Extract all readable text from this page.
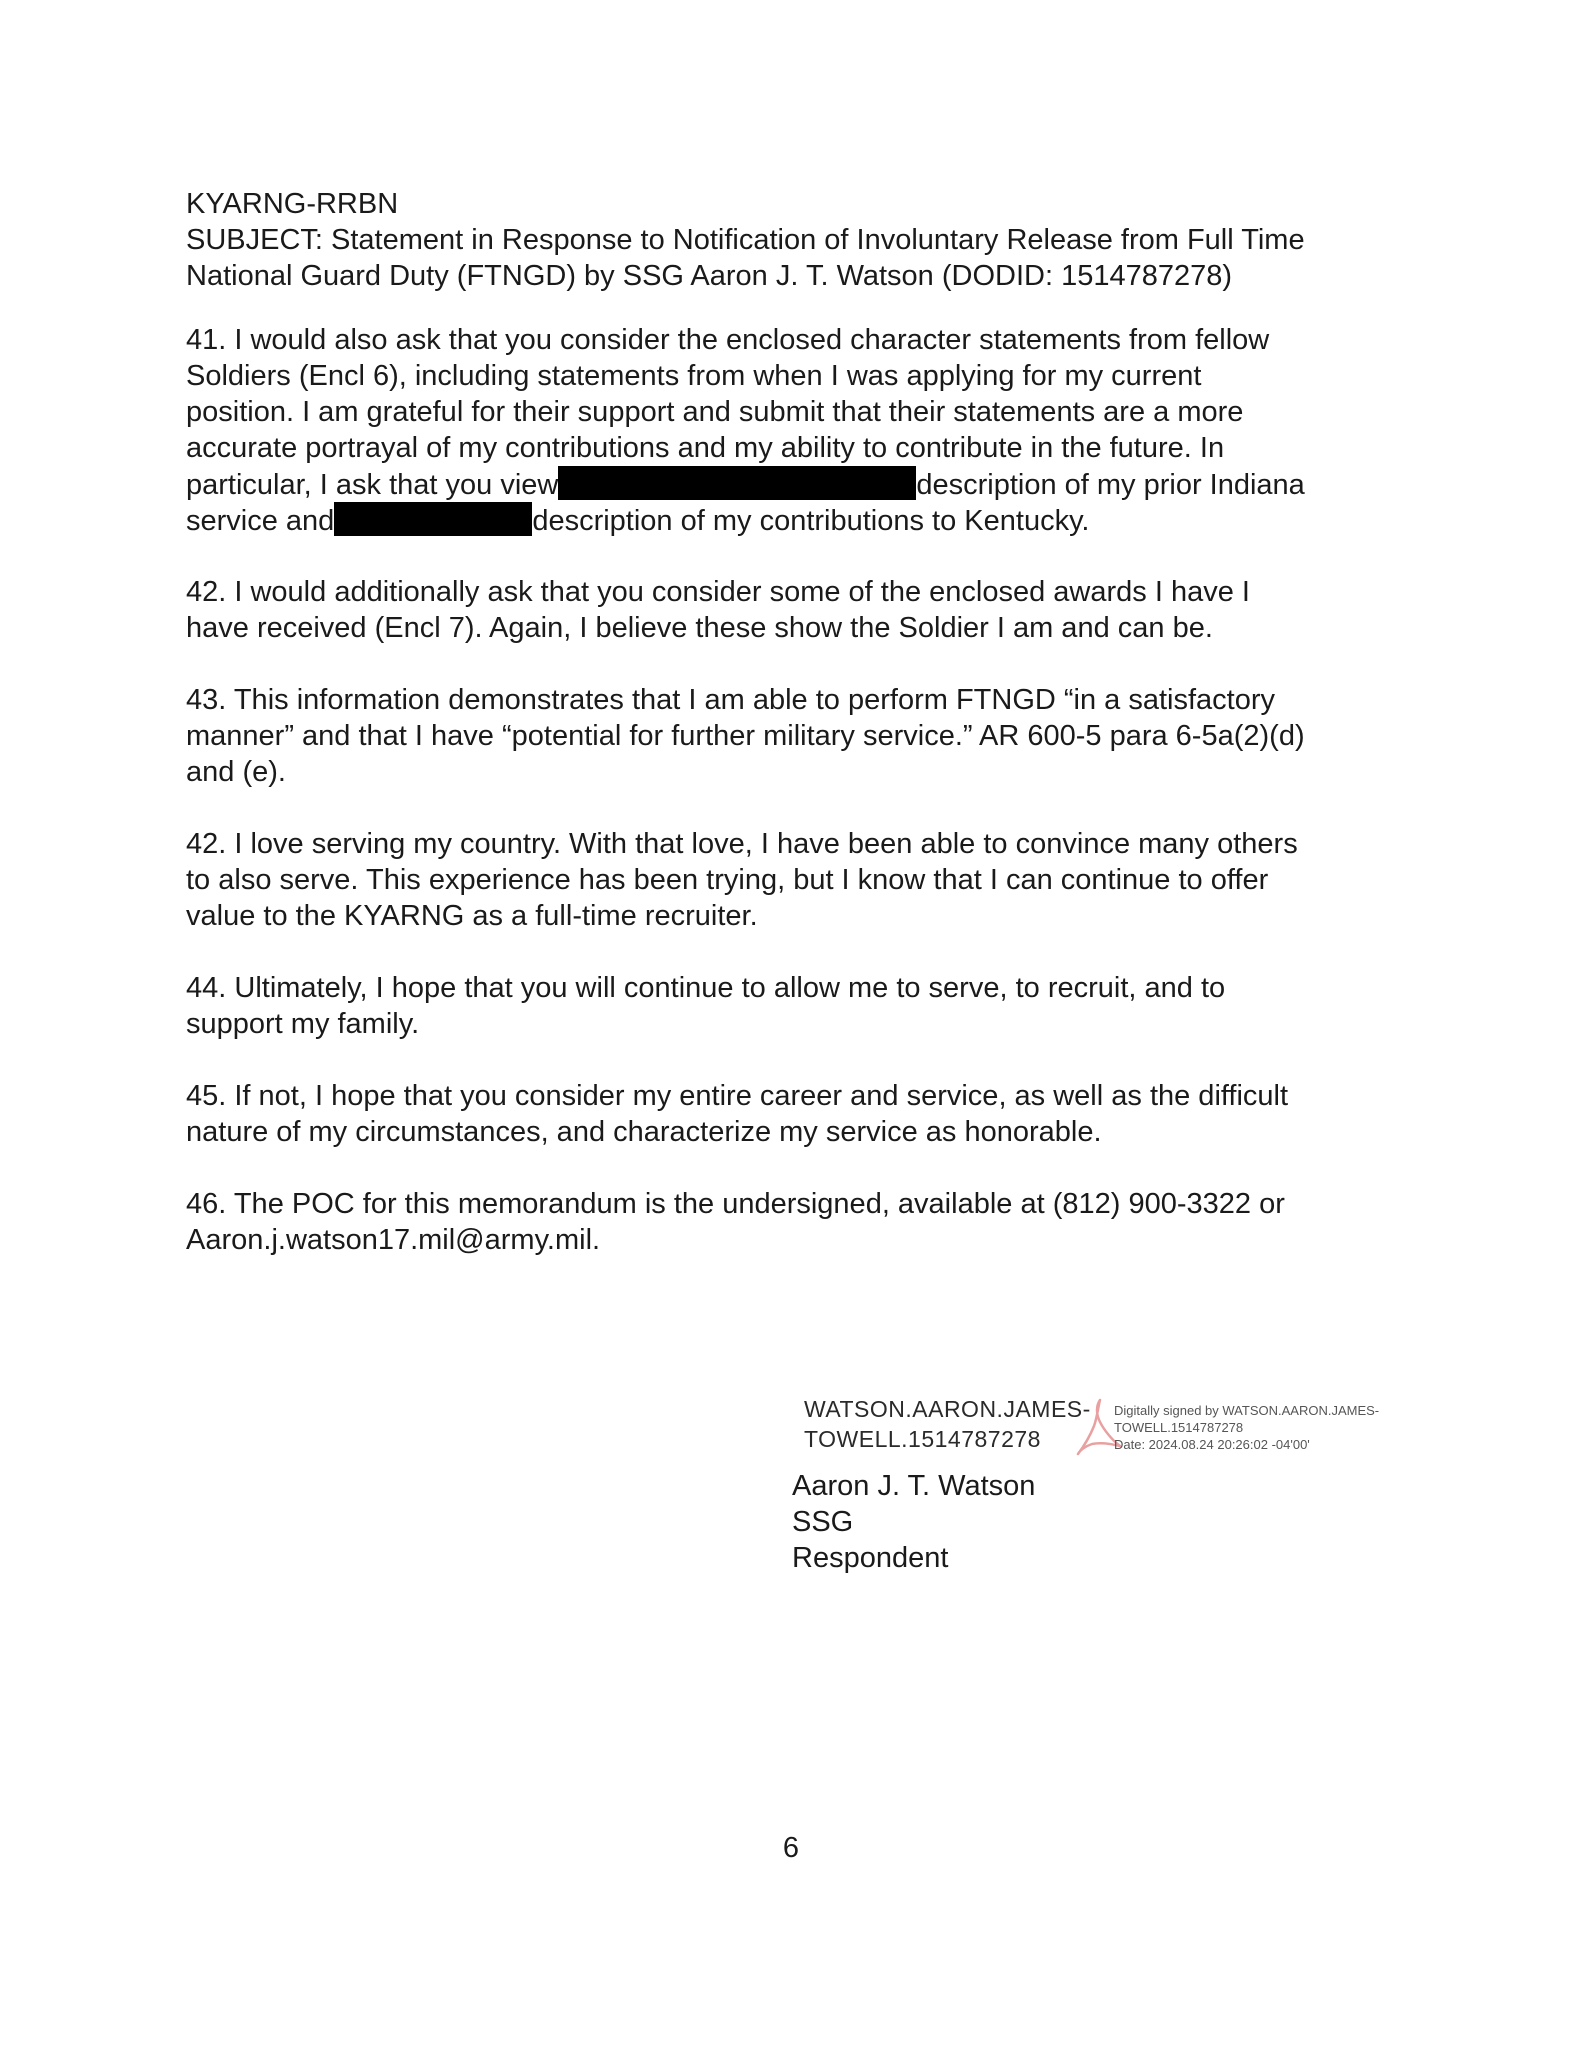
KYARNG-RRBN
SUBJECT: Statement in Response to Notification of Involuntary Release from Full Time
National Guard Duty (FTNGD) by SSG Aaron J. T. Watson (DODID: 1514787278)
41. I would also ask that you consider the enclosed character statements from fellow
Soldiers (Encl 6), including statements from when I was applying for my current
position. I am grateful for their support and submit that their statements are a more
accurate portrayal of my contributions and my ability to contribute in the future. In
particular, I ask that you view	description of my prior Indiana
service and	description of my contributions to Kentucky.
42. I would additionally ask that you consider some of the enclosed awards I have I
have received (Encl 7). Again, I believe these show the Soldier I am and can be.
43. This information demonstrates that I am able to perform FTNGD “in a satisfactory
manner” and that I have “potential for further military service.” AR 600-5 para 6-5a(2)(d)
and (e).
42. I love serving my country. With that love, I have been able to convince many others
to also serve. This experience has been trying, but I know that I can continue to offer
value to the KYARNG as a full-time recruiter.
44. Ultimately, I hope that you will continue to allow me to serve, to recruit, and to
support my family.
45. If not, I hope that you consider my entire career and service, as well as the difficult
nature of my circumstances, and characterize my service as honorable.
46. The POC for this memorandum is the undersigned, available at (812) 900-3322 or
Aaron.j.watson17.mil@army.mil.
WATSON.AARON.JAMES-
TOWELL.1514787278
Digitally signed by WATSON.AARON.JAMES-
TOWELL.1514787278
Date: 2024.08.24 20:26:02 -04'00'
Aaron J. T. Watson
SSG
Respondent
6
